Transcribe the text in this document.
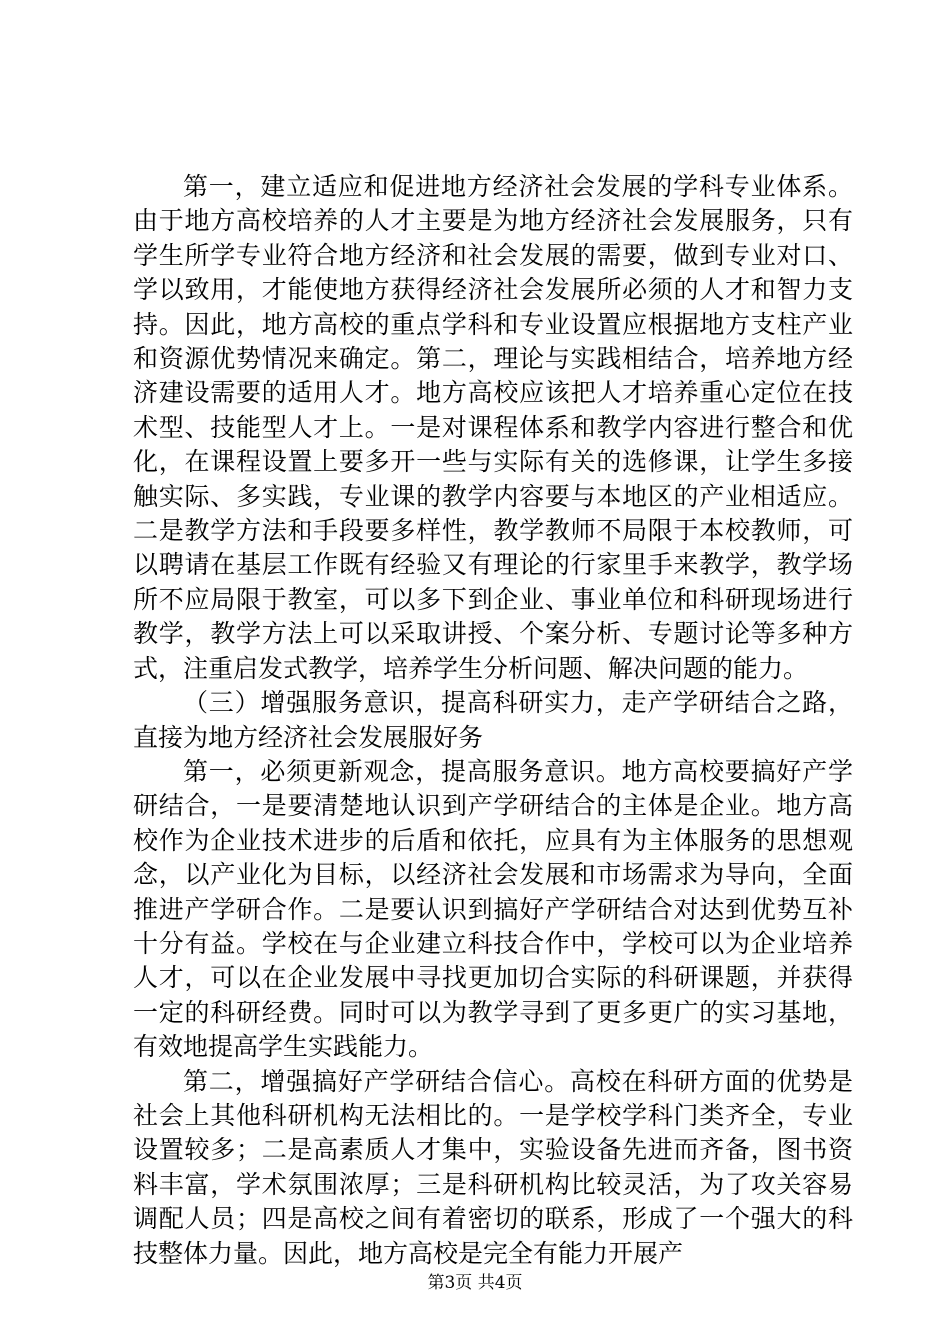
第一，建立适应和促进地方经济社会发展的学科专业体系。由于地方高校培养的人才主要是为地方经济社会发展服务，只有学生所学专业符合地方经济和社会发展的需要，做到专业对口、学以致用，才能使地方获得经济社会发展所必须的人才和智力支持。因此，地方高校的重点学科和专业设置应根据地方支柱产业和资源优势情况来确定。第二，理论与实践相结合，培养地方经济建设需要的适用人才。地方高校应该把人才培养重心定位在技术型、技能型人才上。一是对课程体系和教学内容进行整合和优化，在课程设置上要多开一些与实际有关的选修课，让学生多接触实际、多实践，专业课的教学内容要与本地区的产业相适应。二是教学方法和手段要多样性，教学教师不局限于本校教师，可以聘请在基层工作既有经验又有理论的行家里手来教学，教学场所不应局限于教室，可以多下到企业、事业单位和科研现场进行教学，教学方法上可以采取讲授、个案分析、专题讨论等多种方式，注重启发式教学，培养学生分析问题、解决问题的能力。

（三）增强服务意识，提高科研实力，走产学研结合之路，直接为地方经济社会发展服好务

第一，必须更新观念，提高服务意识。地方高校要搞好产学研结合，一是要清楚地认识到产学研结合的主体是企业。地方高校作为企业技术进步的后盾和依托，应具有为主体服务的思想观念，以产业化为目标，以经济社会发展和市场需求为导向，全面推进产学研合作。二是要认识到搞好产学研结合对达到优势互补十分有益。学校在与企业建立科技合作中，学校可以为企业培养人才，可以在企业发展中寻找更加切合实际的科研课题，并获得一定的科研经费。同时可以为教学寻到了更多更广的实习基地，有效地提高学生实践能力。

第二，增强搞好产学研结合信心。高校在科研方面的优势是社会上其他科研机构无法相比的。一是学校学科门类齐全，专业设置较多；二是高素质人才集中，实验设备先进而齐备，图书资料丰富，学术氛围浓厚；三是科研机构比较灵活，为了攻关容易调配人员；四是高校之间有着密切的联系，形成了一个强大的科技整体力量。因此，地方高校是完全有能力开展产

第3页 共4页
